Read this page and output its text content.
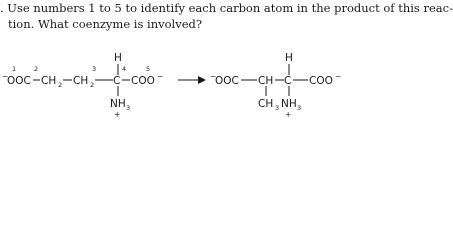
. Use numbers 1 to 5 to identify each carbon atom in the product of this reac-
tion. What coenzyme is involved?
1	2	3	4	5
H
−
OOC CH 2 CH 2 C COO −
NH 3
+
H
−
OOC CH C COO −
CH 3 NH 3
+
